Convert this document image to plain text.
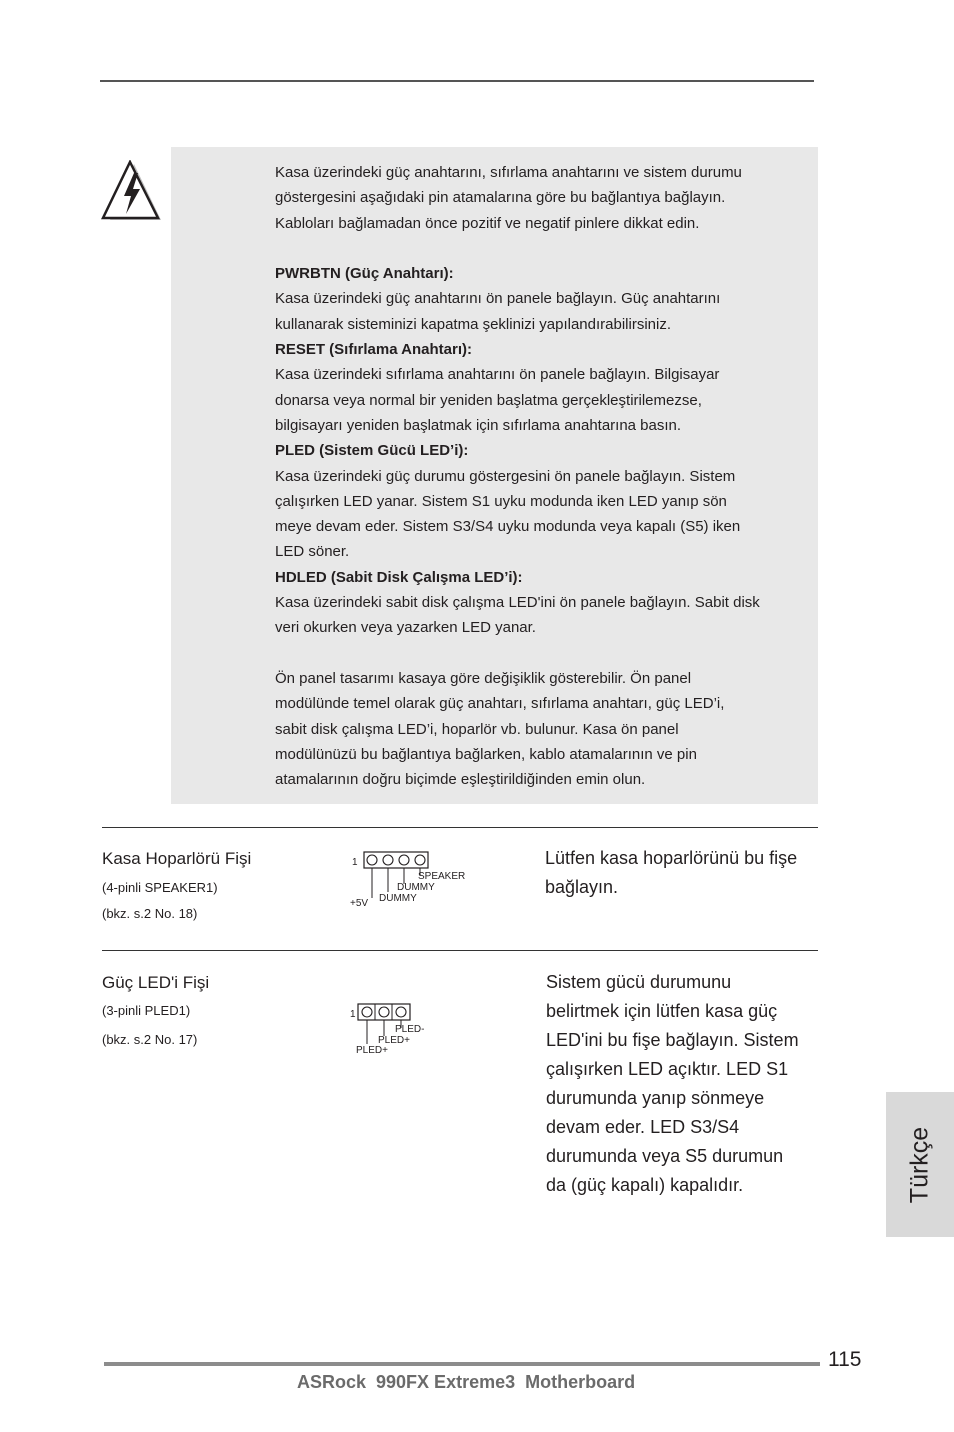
Kasa üzerindeki güç anahtarını, sıfırlama anahtarını ve sistem durumu

göstergesini aşağıdaki pin atamalarına göre bu bağlantıya bağlayın.

Kabloları bağlamadan önce pozitif ve negatif pinlere dikkat edin.

PWRBTN (Güç Anahtarı):

Kasa üzerindeki güç anahtarını ön panele bağlayın. Güç anahtarını

kullanarak sisteminizi kapatma şeklinizi yapılandırabilirsiniz.

RESET (Sıfırlama Anahtarı):

Kasa üzerindeki sıfırlama anahtarını ön panele bağlayın. Bilgisayar

donarsa veya normal bir yeniden başlatma gerçekleştirilemezse,

bilgisayarı yeniden başlatmak için sıfırlama anahtarına basın.

PLED (Sistem Gücü LED’i):

Kasa üzerindeki güç durumu göstergesini ön panele bağlayın. Sistem

çalışırken LED yanar. Sistem S1 uyku modunda iken LED yanıp sön

meye devam eder. Sistem S3/S4 uyku modunda veya kapalı (S5) iken

LED söner.

HDLED (Sabit Disk Çalışma LED’i):

Kasa üzerindeki sabit disk çalışma LED'ini ön panele bağlayın. Sabit disk

veri okurken veya yazarken LED yanar.

Ön panel tasarımı kasaya göre değişiklik gösterebilir. Ön panel

modülünde temel olarak güç anahtarı, sıfırlama anahtarı, güç LED’i,

sabit disk çalışma LED’i, hoparlör vb. bulunur. Kasa ön panel

modülünüzü bu bağlantıya bağlarken, kablo atamalarının ve pin

atamalarının doğru biçimde eşleştirildiğinden emin olun.

Kasa Hoparlörü Fişi
(4-pinli SPEAKER1)
(bkz. s.2 No. 18)
1
SPEAKER
DUMMY
DUMMY
+5V
Lütfen kasa hoparlörünü bu fişe
bağlayın.
Güç LED'i Fişi
(3-pinli PLED1)
(bkz. s.2 No. 17)
1
PLED-
PLED+
PLED+
Sistem gücü durumunu
belirtmek için lütfen kasa güç
LED'ini bu fişe bağlayın. Sistem
çalışırken LED açıktır. LED S1
durumunda yanıp sönmeye
devam eder. LED S3/S4
durumunda veya S5 durumun
da (güç kapalı) kapalıdır.	Türkçe
115
ASRock  990FX Extreme3  Motherboard
